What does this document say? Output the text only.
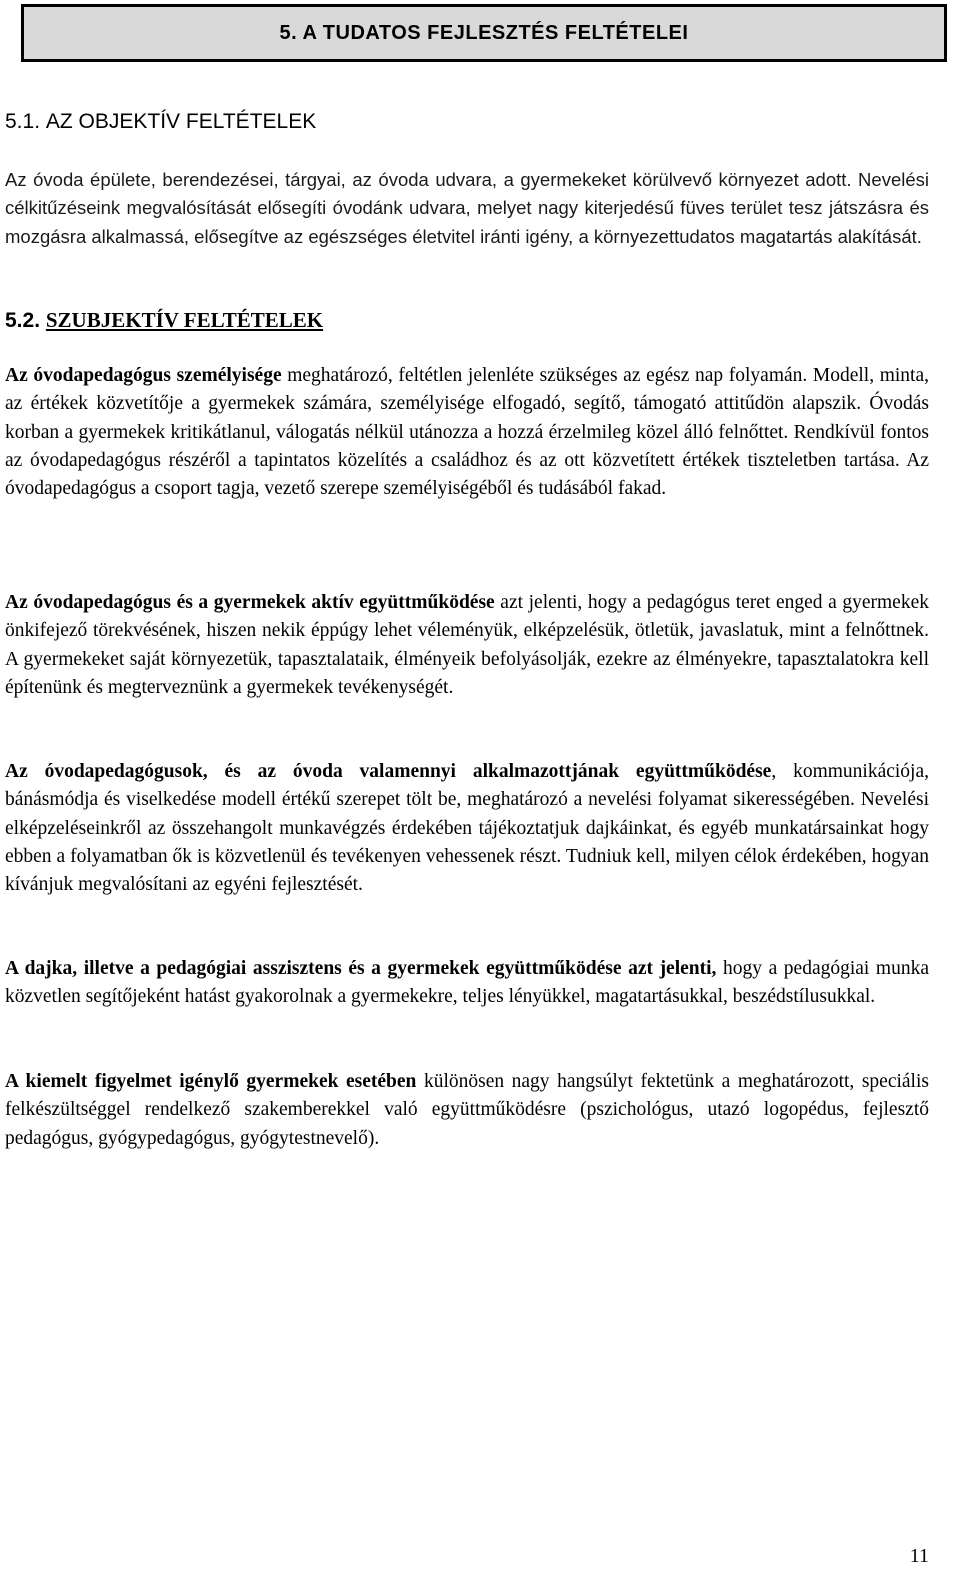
5. A TUDATOS FEJLESZTÉS FELTÉTELEI
5.1. AZ OBJEKTÍV FELTÉTELEK

Az óvoda épülete, berendezései, tárgyai, az óvoda udvara, a gyermekeket körülvevő környezet adott. Nevelési célkitűzéseink megvalósítását elősegíti óvodánk udvara, melyet nagy kiterjedésű füves terület tesz játszásra és mozgásra alkalmassá, elősegítve az egészséges életvitel iránti igény, a környezettudatos magatartás alakítását.

5.2. SZUBJEKTÍV FELTÉTELEK

Az óvodapedagógus személyisége meghatározó, feltétlen jelenléte szükséges az egész nap folyamán. Modell, minta, az értékek közvetítője a gyermekek számára, személyisége elfogadó, segítő, támogató attitűdön alapszik. Óvodás korban a gyermekek kritikátlanul, válogatás nélkül utánozza a hozzá érzelmileg közel álló felnőttet. Rendkívül fontos az óvodapedagógus részéről a tapintatos közelítés a családhoz és az ott közvetített értékek tiszteletben tartása. Az óvodapedagógus a csoport tagja, vezető szerepe személyiségéből és tudásából fakad.

Az óvodapedagógus és a gyermekek aktív együttműködése azt jelenti, hogy a pedagógus teret enged a gyermekek önkifejező törekvésének, hiszen nekik éppúgy lehet véleményük, elképzelésük, ötletük, javaslatuk, mint a felnőttnek. A gyermekeket saját környezetük, tapasztalataik, élményeik befolyásolják, ezekre az élményekre, tapasztalatokra kell építenünk és megterveznünk a gyermekek tevékenységét.

Az óvodapedagógusok, és az óvoda valamennyi alkalmazottjának együttműködése, kommunikációja, bánásmódja és viselkedése modell értékű szerepet tölt be, meghatározó a nevelési folyamat sikerességében. Nevelési elképzeléseinkről az összehangolt munkavégzés érdekében tájékoztatjuk dajkáinkat, és egyéb munkatársainkat hogy ebben a folyamatban ők is közvetlenül és tevékenyen vehessenek részt. Tudniuk kell, milyen célok érdekében, hogyan kívánjuk megvalósítani az egyéni fejlesztését.

A dajka, illetve a pedagógiai asszisztens és a gyermekek együttműködése azt jelenti, hogy a pedagógiai munka közvetlen segítőjeként hatást gyakorolnak a gyermekekre, teljes lényükkel, magatartásukkal, beszédstílusukkal.

A kiemelt figyelmet igénylő gyermekek esetében különösen nagy hangsúlyt fektetünk a meghatározott, speciális felkészültséggel rendelkező szakemberekkel való együttműködésre (pszichológus, utazó logopédus, fejlesztő pedagógus, gyógypedagógus, gyógytestnevelő).

11
